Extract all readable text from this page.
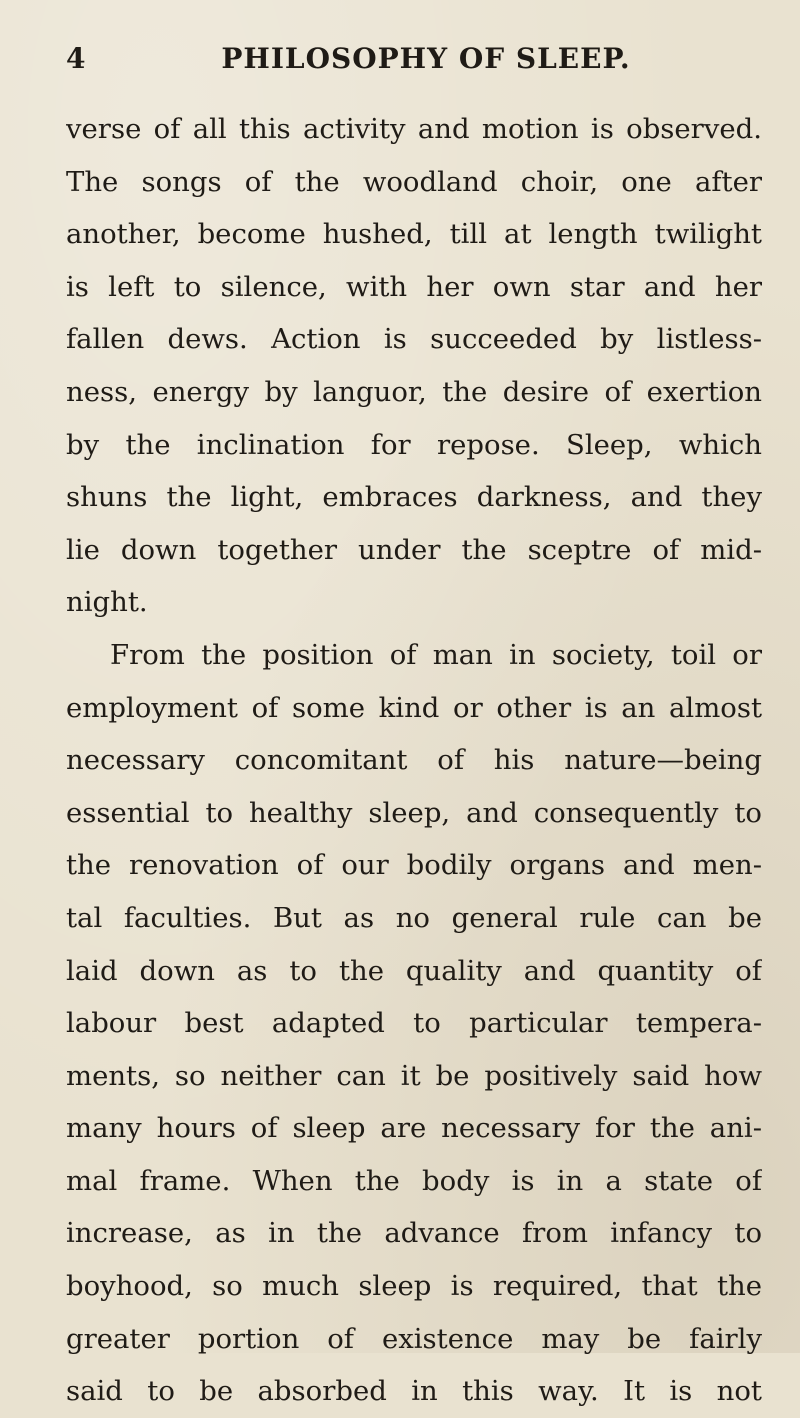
4	PHILOSOPHY OF SLEEP.
verse of all this activity and motion is observed.
The songs of the woodland choir, one after
another, become hushed, till at length twilight
is left to silence, with her own star and her
fallen dews. Action is succeeded by listless-
ness, energy by languor, the desire of exertion
by the inclination for repose. Sleep, which
shuns the light, embraces darkness, and they
lie down together under the sceptre of mid-
night.
From the position of man in society, toil or
employment of some kind or other is an almost
necessary concomitant of his nature—being
essential to healthy sleep, and consequently to
the renovation of our bodily organs and men-
tal faculties. But as no general rule can be
laid down as to the quality and quantity of
labour best adapted to particular tempera-
ments, so neither can it be positively said how
many hours of sleep are necessary for the ani-
mal frame. When the body is in a state of
increase, as in the advance from infancy to
boyhood, so much sleep is required, that the
greater portion of existence may be fairly
said to be absorbed in this way. It is not
